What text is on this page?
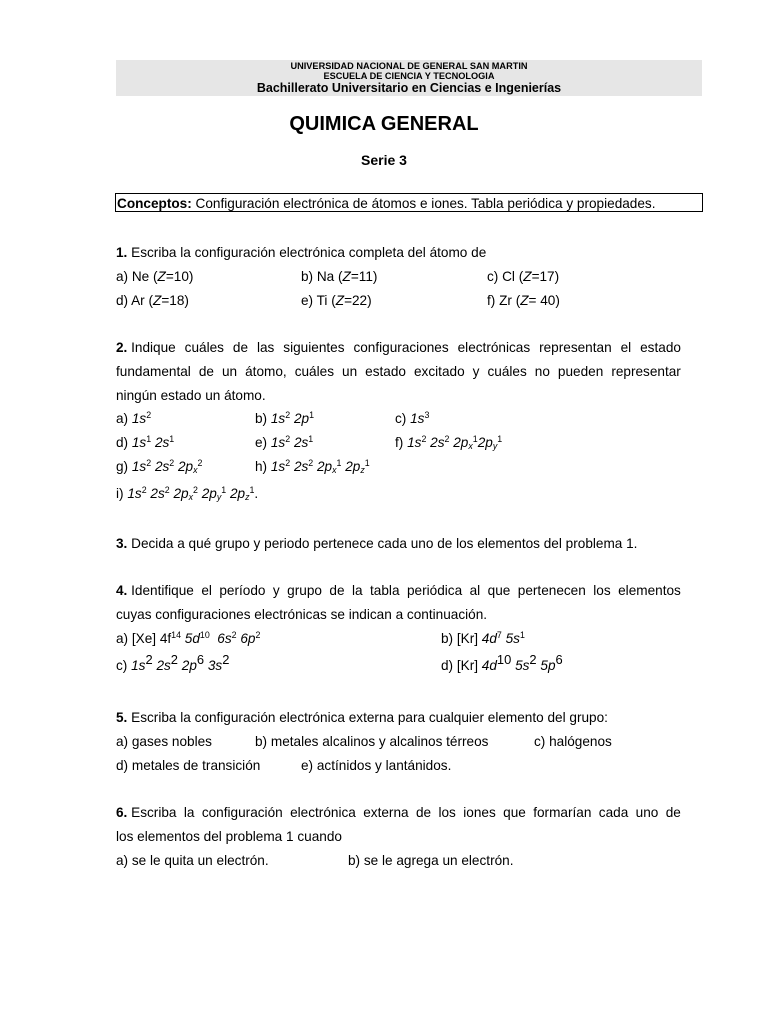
UNIVERSIDAD NACIONAL DE GENERAL SAN MARTIN
ESCUELA DE CIENCIA Y TECNOLOGIA
Bachillerato Universitario en Ciencias e Ingenierías
QUIMICA GENERAL
Serie 3
Conceptos: Configuración electrónica de átomos e iones. Tabla periódica y propiedades.
1. Escriba la configuración electrónica completa del átomo de
a) Ne (Z=10)	b) Na (Z=11)	c) Cl (Z=17)
d) Ar (Z=18)	e) Ti (Z=22)	f) Zr (Z= 40)
2. Indique cuáles de las siguientes configuraciones electrónicas representan el estado
fundamental de un átomo, cuáles un estado excitado y cuáles no pueden representar
ningún estado un átomo.
a) $1s^2$	b) $1s^2$ $2p^1$	c) $1s^3$
d) $1s^1$ $2s^1$	e) $1s^2$ $2s^1$	f) $1s^2$ $2s^2$ $2p_x^12p_y^1$
g) $1s^2$ $2s^2$ $2p_x^2$	h) $1s^2$ $2s^2$ $2p_x^1$ $2p_z^1$
i) $1s^2$ $2s^2$ $2p_x^2$ $2p_y^1$ $2p_z^1$.
3. Decida a qué grupo y periodo pertenece cada uno de los elementos del problema 1.
4. Identifique el período y grupo de la tabla periódica al que pertenecen los elementos
cuyas configuraciones electrónicas se indican a continuación.
a) [Xe] $4f^{14}$ $5d^{10}$ $6s^2$ $6p^2$	b) [Kr] $4d^7$ $5s^1$
c) $1s^2$ $2s^2$ $2p^6$ $3s^2$	d) [Kr] $4d^{10}$ $5s^2$ $5p^6$
5. Escriba la configuración electrónica externa para cualquier elemento del grupo:
a) gases nobles	b) metales alcalinos y alcalinos térreos	c) halógenos
d) metales de transición	e) actínidos y lantánidos.
6. Escriba la configuración electrónica externa de los iones que formarían cada uno de
los elementos del problema 1 cuando
a) se le quita un electrón.	b) se le agrega un electrón.
